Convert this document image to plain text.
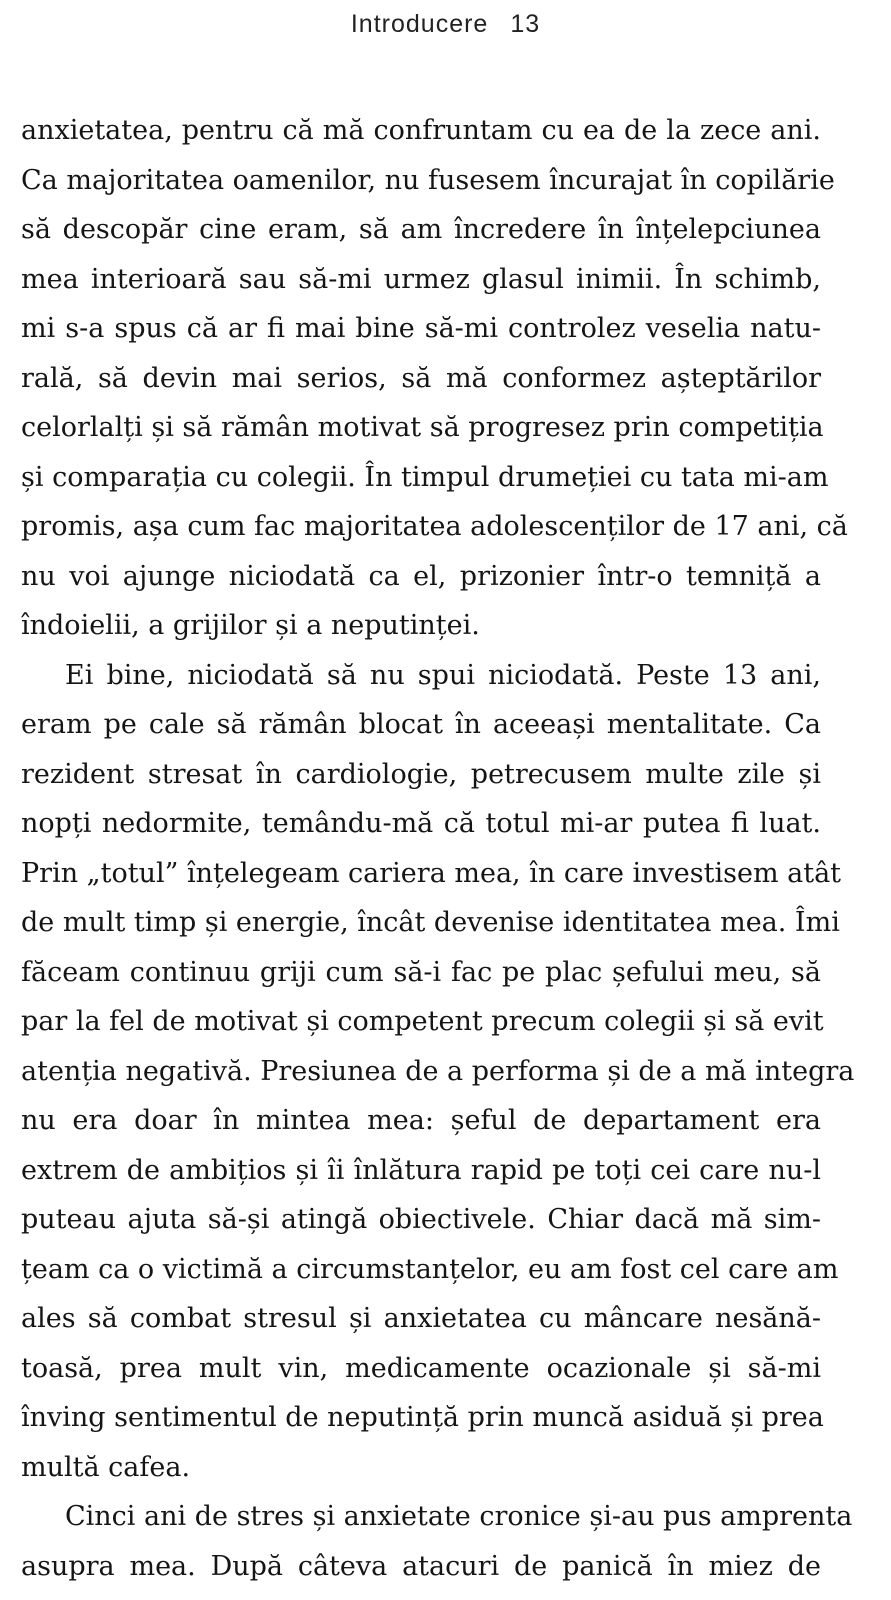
Introducere 13
anxietatea, pentru că mă confruntam cu ea de la zece ani.
Ca majoritatea oamenilor, nu fusesem încurajat în copilărie
să descopăr cine eram, să am încredere în înțelepciunea
mea interioară sau să-mi urmez glasul inimii. În schimb,
mi s-a spus că ar fi mai bine să-mi controlez veselia natu-
rală, să devin mai serios, să mă conformez așteptărilor
celorlalți și să rămân motivat să progresez prin competiția
și comparația cu colegii. În timpul drumeției cu tata mi-am
promis, așa cum fac majoritatea adolescenților de 17 ani, că
nu voi ajunge niciodată ca el, prizonier într-o temniță a
îndoielii, a grijilor și a neputinței.
Ei bine, niciodată să nu spui niciodată. Peste 13 ani,
eram pe cale să rămân blocat în aceeași mentalitate. Ca
rezident stresat în cardiologie, petrecusem multe zile și
nopți nedormite, temându-mă că totul mi-ar putea fi luat.
Prin „totul” înțelegeam cariera mea, în care investisem atât
de mult timp și energie, încât devenise identitatea mea. Îmi
făceam continuu griji cum să-i fac pe plac șefului meu, să
par la fel de motivat și competent precum colegii și să evit
atenția negativă. Presiunea de a performa și de a mă integra
nu era doar în mintea mea: șeful de departament era
extrem de ambițios și îi înlătura rapid pe toți cei care nu-l
puteau ajuta să-și atingă obiectivele. Chiar dacă mă sim-
țeam ca o victimă a circumstanțelor, eu am fost cel care am
ales să combat stresul și anxietatea cu mâncare nesănă-
toasă, prea mult vin, medicamente ocazionale și să-mi
înving sentimentul de neputință prin muncă asiduă și prea
multă cafea.
Cinci ani de stres și anxietate cronice și-au pus amprenta
asupra mea. După câteva atacuri de panică în miez de
